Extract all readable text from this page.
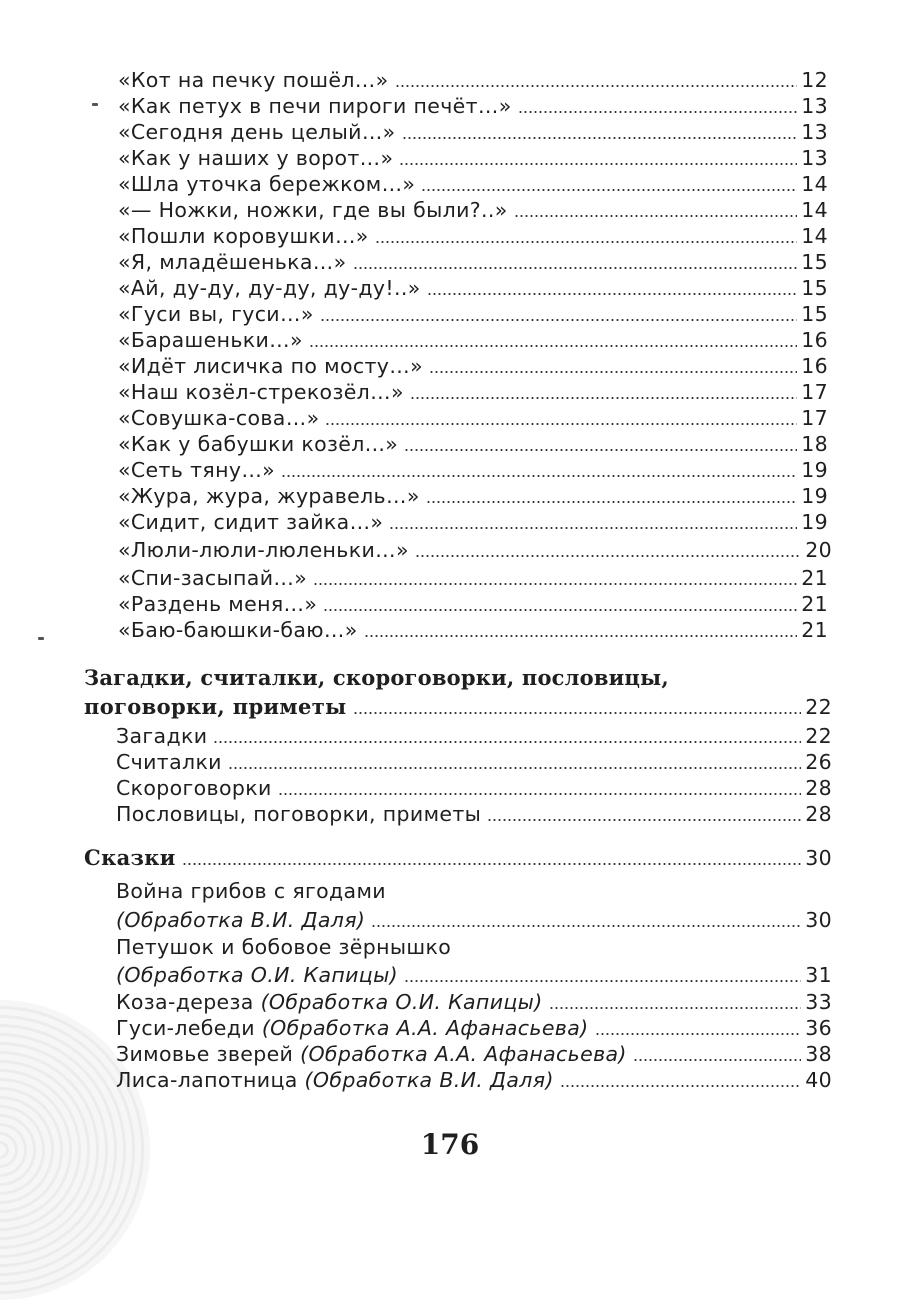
«Кот на печку пошёл…»	12
«Как петух в печи пироги печёт…»	13
«Сегодня день целый…»	13
«Как у наших у ворот…»	13
«Шла уточка бережком…»	14
«— Ножки, ножки, где вы были?..»	14
«Пошли коровушки…»	14
«Я, младёшенька…»	15
«Ай, ду-ду, ду-ду, ду-ду!..»	15
«Гуси вы, гуси…»	15
«Барашеньки…»	16
«Идёт лисичка по мосту…»	16
«Наш козёл-стрекозёл…»	17
«Совушка-сова…»	17
«Как у бабушки козёл...»	18
«Сеть тяну…»	19
«Жура, жура, журавель…»	19
«Сидит, сидит зайка…»	19
«Люли-люли-люленьки…»	20
«Спи-засыпай…»	21
«Раздень меня…»	21
«Баю-баюшки-баю…»	21
Загадки, считалки, скороговорки, пословицы,
поговорки, приметы	22
Загадки	22
Считалки	26
Скороговорки	28
Пословицы, поговорки, приметы	28
Сказки	30
Война грибов с ягодами
(Обработка В.И. Даля)	30
Петушок и бобовое зёрнышко
(Обработка О.И. Капицы)	31
Коза-дереза (Обработка О.И. Капицы)	33
Гуси-лебеди (Обработка А.А. Афанасьева)	36
Зимовье зверей (Обработка А.А. Афанасьева)	38
Лиса-лапотница (Обработка В.И. Даля)	40
176
